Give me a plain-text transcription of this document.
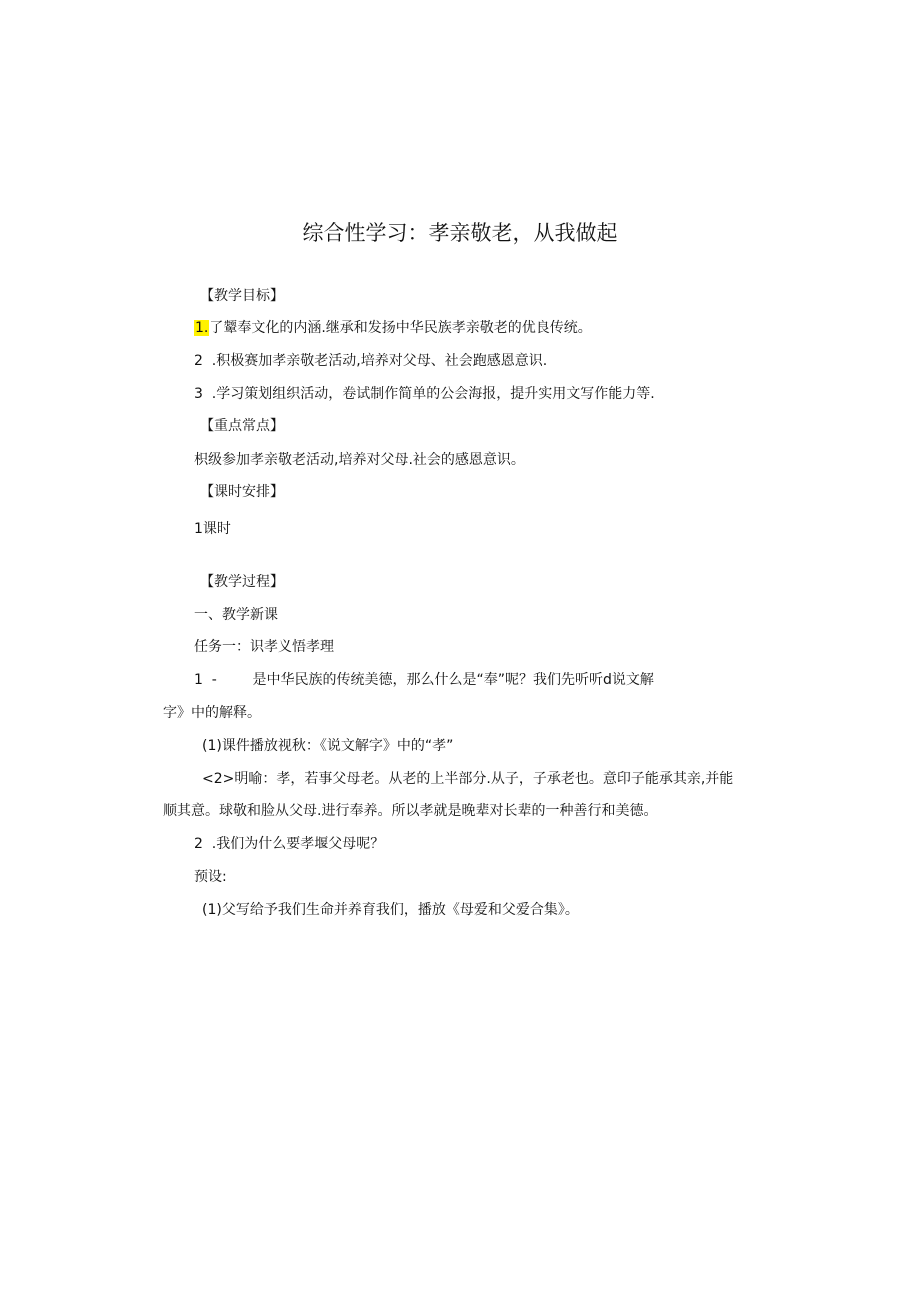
综合性学习：孝亲敬老，从我做起
【教学目标】
1.了颦奉文化的内涵.继承和发扬中华民族孝亲敬老的优良传统。
2  .积极赛加孝亲敬老活动,培养对父母、社会跑感恩意识.
3  .学习策划组织活动，卷试制作简单的公会海报，提升实用文写作能力等.
【重点常点】
枳级参加孝亲敬老活动,培养对父母.社会的感恩意识。
【课时安排】
1课时
【教学过程】
一、教学新课
任务一：识孝义悟孝理
1  -        是中华民族的传统美德，那么什么是“奉”呢？我们先听听d说文解
字》中的解释。
(1)课件播放视秋：《说文解字》中的“孝”
<2>明喻：孝，若事父母老。从老的上半部分.从子，子承老也。意印子能承其亲,并能
顺其意。球敬和脸从父母.进行奉养。所以孝就是晚辈对长辈的一种善行和美德。
2  .我们为什么要孝堰父母呢？
预设:
(1)父写给予我们生命并养育我们，播放《母爱和父爱合集》。
